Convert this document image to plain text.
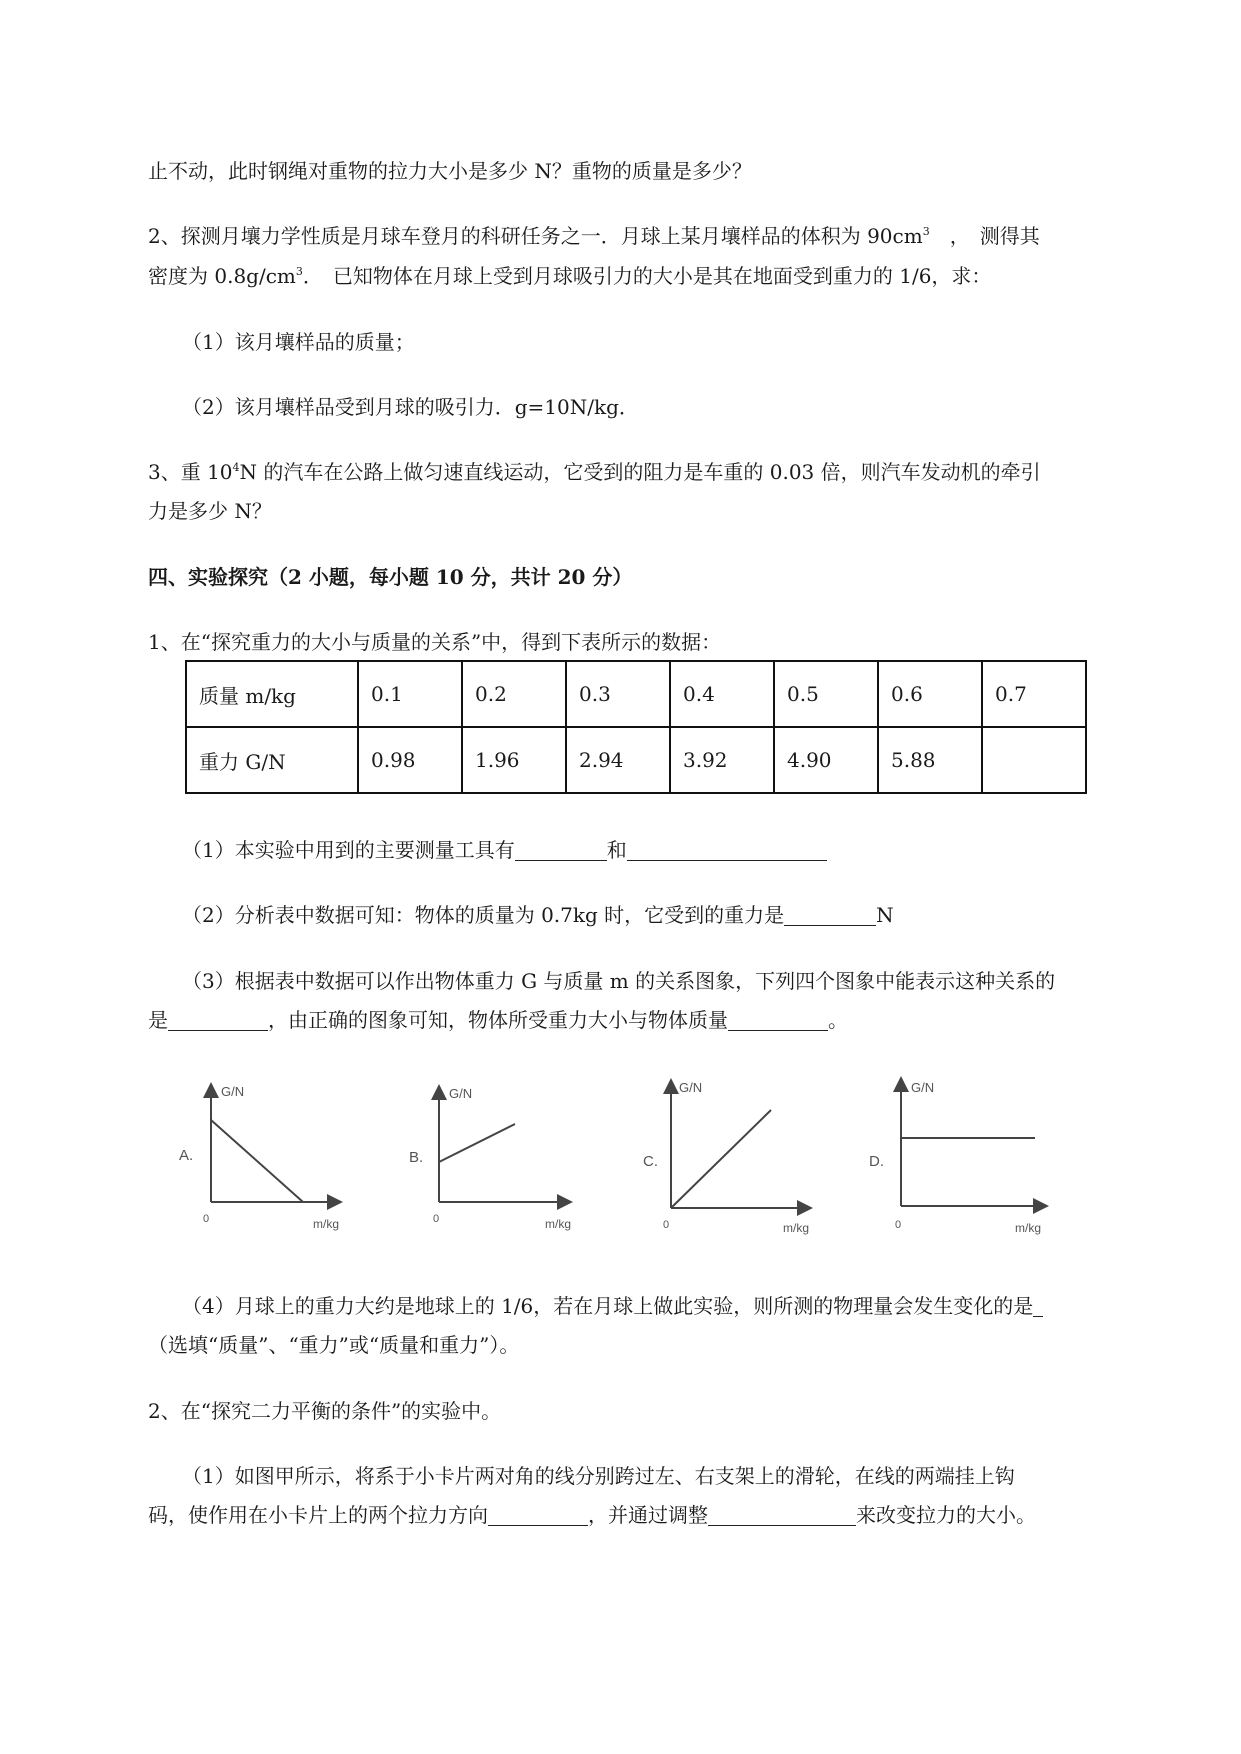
止不动，此时钢绳对重物的拉力大小是多少 N？重物的质量是多少？
2、探测月壤力学性质是月球车登月的科研任务之一．月球上某月壤样品的体积为 $90cm^3$　，　测得其
密度为 $0.8g/cm^3$．　已知物体在月球上受到月球吸引力的大小是其在地面受到重力的 1/6，求：
（1）该月壤样品的质量；
（2）该月壤样品受到月球的吸引力．g=10N/kg．
3、重 $10^4N$ 的汽车在公路上做匀速直线运动，它受到的阻力是车重的 0.03 倍，则汽车发动机的牵引
力是多少 N？
四、实验探究（2 小题，每小题 10 分，共计 20 分）
1、在“探究重力的大小与质量的关系”中，得到下表所示的数据：
质量 m/kg	0.1	0.2	0.3	0.4	0.5	0.6	0.7
重力 G/N	0.98	1.96	2.94	3.92	4.90	5.88	
（1）本实验中用到的主要测量工具有	和
（2）分析表中数据可知：物体的质量为 0.7kg 时，它受到的重力是	N
（3）根据表中数据可以作出物体重力 G 与质量 m 的关系图象，下列四个图象中能表示这种关系的
是	，由正确的图象可知，物体所受重力大小与物体质量	。
G/N
A.
0	m/kg
G/N
B.
0	m/kg
G/N
C.
0	m/kg
G/N
D.
0	m/kg
（4）月球上的重力大约是地球上的 1/6，若在月球上做此实验，则所测的物理量会发生变化的是
（选填“质量”、“重力”或“质量和重力”）。
2、在“探究二力平衡的条件”的实验中。
（1）如图甲所示，将系于小卡片两对角的线分别跨过左、右支架上的滑轮，在线的两端挂上钩
码，使作用在小卡片上的两个拉力方向	，并通过调整	来改变拉力的大小。
